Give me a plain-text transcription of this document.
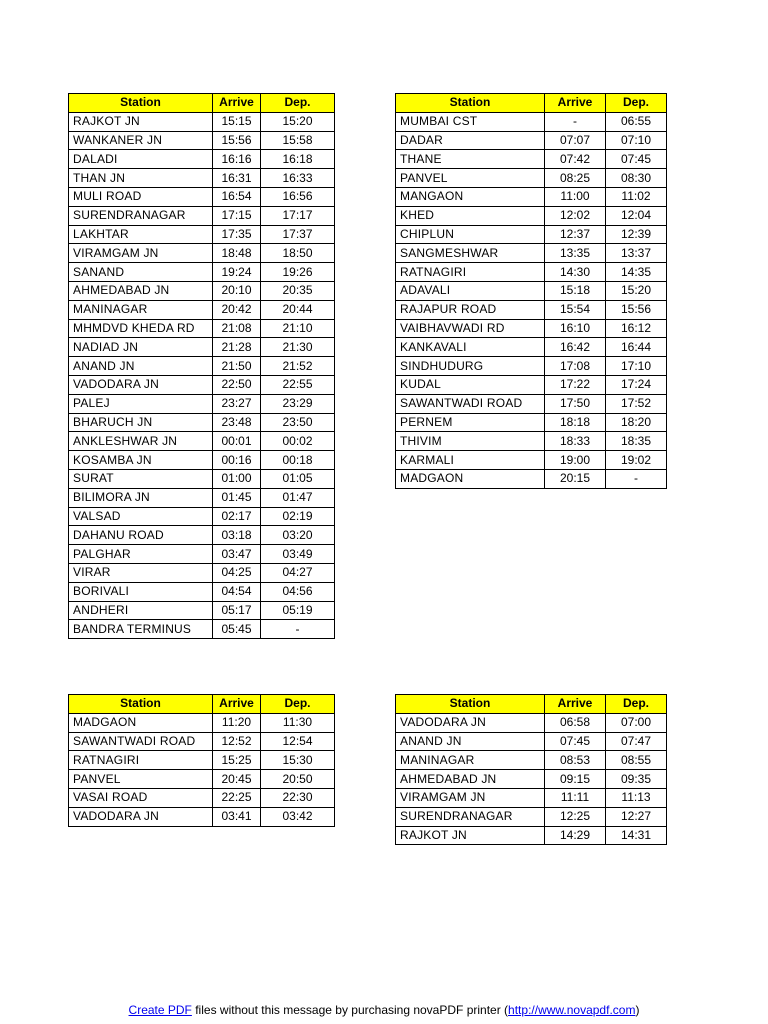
Station	Arrive	Dep.
RAJKOT JN	15:15	15:20
WANKANER JN	15:56	15:58
DALADI	16:16	16:18
THAN JN	16:31	16:33
MULI ROAD	16:54	16:56
SURENDRANAGAR	17:15	17:17
LAKHTAR	17:35	17:37
VIRAMGAM JN	18:48	18:50
SANAND	19:24	19:26
AHMEDABAD JN	20:10	20:35
MANINAGAR	20:42	20:44
MHMDVD KHEDA RD	21:08	21:10
NADIAD JN	21:28	21:30
ANAND JN	21:50	21:52
VADODARA JN	22:50	22:55
PALEJ	23:27	23:29
BHARUCH JN	23:48	23:50
ANKLESHWAR JN	00:01	00:02
KOSAMBA JN	00:16	00:18
SURAT	01:00	01:05
BILIMORA JN	01:45	01:47
VALSAD	02:17	02:19
DAHANU ROAD	03:18	03:20
PALGHAR	03:47	03:49
VIRAR	04:25	04:27
BORIVALI	04:54	04:56
ANDHERI	05:17	05:19
BANDRA TERMINUS	05:45	-
Station	Arrive	Dep.
MUMBAI CST	-	06:55
DADAR	07:07	07:10
THANE	07:42	07:45
PANVEL	08:25	08:30
MANGAON	11:00	11:02
KHED	12:02	12:04
CHIPLUN	12:37	12:39
SANGMESHWAR	13:35	13:37
RATNAGIRI	14:30	14:35
ADAVALI	15:18	15:20
RAJAPUR ROAD	15:54	15:56
VAIBHAVWADI RD	16:10	16:12
KANKAVALI	16:42	16:44
SINDHUDURG	17:08	17:10
KUDAL	17:22	17:24
SAWANTWADI ROAD	17:50	17:52
PERNEM	18:18	18:20
THIVIM	18:33	18:35
KARMALI	19:00	19:02
MADGAON	20:15	-
Station	Arrive	Dep.
MADGAON	11:20	11:30
SAWANTWADI ROAD	12:52	12:54
RATNAGIRI	15:25	15:30
PANVEL	20:45	20:50
VASAI ROAD	22:25	22:30
VADODARA JN	03:41	03:42
Station	Arrive	Dep.
VADODARA JN	06:58	07:00
ANAND JN	07:45	07:47
MANINAGAR	08:53	08:55
AHMEDABAD JN	09:15	09:35
VIRAMGAM JN	11:11	11:13
SURENDRANAGAR	12:25	12:27
RAJKOT JN	14:29	14:31
Create PDF files without this message by purchasing novaPDF printer (http://www.novapdf.com)
